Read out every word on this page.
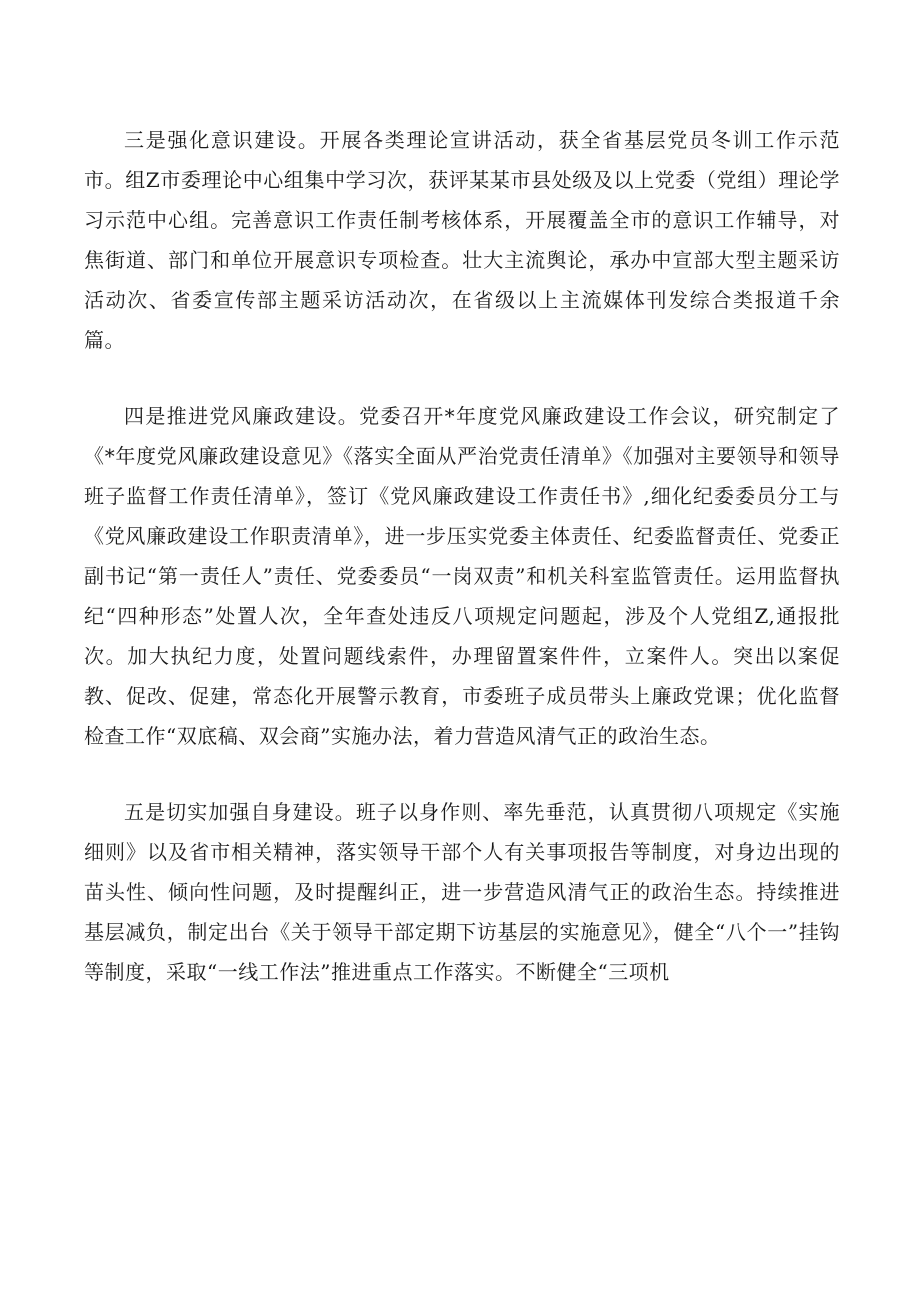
三是强化意识建设。开展各类理论宣讲活动，获全省基层党员冬训工作示范市。组Z市委理论中心组集中学习次，获评某某市县处级及以上党委（党组）理论学习示范中心组。完善意识工作责任制考核体系，开展覆盖全市的意识工作辅导，对焦街道、部门和单位开展意识专项检查。壮大主流舆论，承办中宣部大型主题采访活动次、省委宣传部主题采访活动次，在省级以上主流媒体刊发综合类报道千余篇。

四是推进党风廉政建设。党委召开*年度党风廉政建设工作会议，研究制定了《*年度党风廉政建设意见》《落实全面从严治党责任清单》《加强对主要领导和领导班子监督工作责任清单》，签订《党风廉政建设工作责任书》,细化纪委委员分工与《党风廉政建设工作职责清单》，进一步压实党委主体责任、纪委监督责任、党委正副书记“第一责任人”责任、党委委员“一岗双责”和机关科室监管责任。运用监督执纪“四种形态”处置人次，全年查处违反八项规定问题起，涉及个人党组Z,通报批次。加大执纪力度，处置问题线索件，办理留置案件件，立案件人。突出以案促教、促改、促建，常态化开展警示教育，市委班子成员带头上廉政党课；优化监督检查工作“双底稿、双会商”实施办法，着力营造风清气正的政治生态。

五是切实加强自身建设。班子以身作则、率先垂范，认真贯彻八项规定《实施细则》以及省市相关精神，落实领导干部个人有关事项报告等制度，对身边出现的苗头性、倾向性问题，及时提醒纠正，进一步营造风清气正的政治生态。持续推进基层减负，制定出台《关于领导干部定期下访基层的实施意见》，健全“八个一”挂钩等制度，采取“一线工作法”推进重点工作落实。不断健全“三项机
